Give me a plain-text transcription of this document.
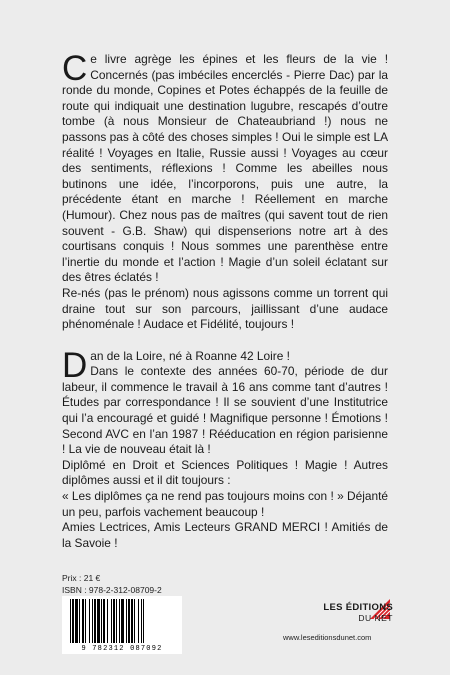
Ce livre agrège les épines et les fleurs de la vie ! Concernés (pas imbéciles encerclés - Pierre Dac) par la ronde du monde, Copines et Potes échappés de la feuille de route qui indiquait une destination lugubre, rescapés d’outre tombe (à nous Monsieur de Chateaubriand !) nous ne passons pas à côté des choses simples ! Oui le simple est LA réalité ! Voyages en Italie, Russie aussi ! Voyages au cœur des sentiments, réflexions ! Comme les abeilles nous butinons une idée, l’incorporons, puis une autre, la précédente étant en marche ! Réellement en marche (Humour). Chez nous pas de maîtres (qui savent tout de rien souvent - G.B. Shaw) qui dispenserions notre art à des courtisans conquis ! Nous sommes une parenthèse entre l’inertie du monde et l’action ! Magie d’un soleil éclatant sur des êtres éclatés !

Re-nés (pas le prénom) nous agissons comme un torrent qui draine tout sur son parcours, jaillissant d’une audace phénoménale ! Audace et Fidélité, toujours !

Dan de la Loire, né à Roanne 42 Loire !

Dans le contexte des années 60-70, période de dur labeur, il commence le travail à 16 ans comme tant d’autres ! Études par correspondance ! Il se souvient d’une Institutrice qui l’a encouragé et guidé ! Magnifique personne ! Émotions ! Second AVC en l’an 1987 ! Rééducation en région parisienne ! La vie de nouveau était là !

Diplômé en Droit et Sciences Politiques ! Magie ! Autres diplômes aussi et il dit toujours :

« Les diplômes ça ne rend pas toujours moins con ! » Déjanté un peu, parfois vachement beaucoup !

Amies Lectrices, Amis Lecteurs GRAND MERCI ! Amitiés de la Savoie !

Prix : 21 €
ISBN : 978-2-312-08709-2
9 782312 087092
LES ÉDITIONS
DU NET
www.leseditionsdunet.com
